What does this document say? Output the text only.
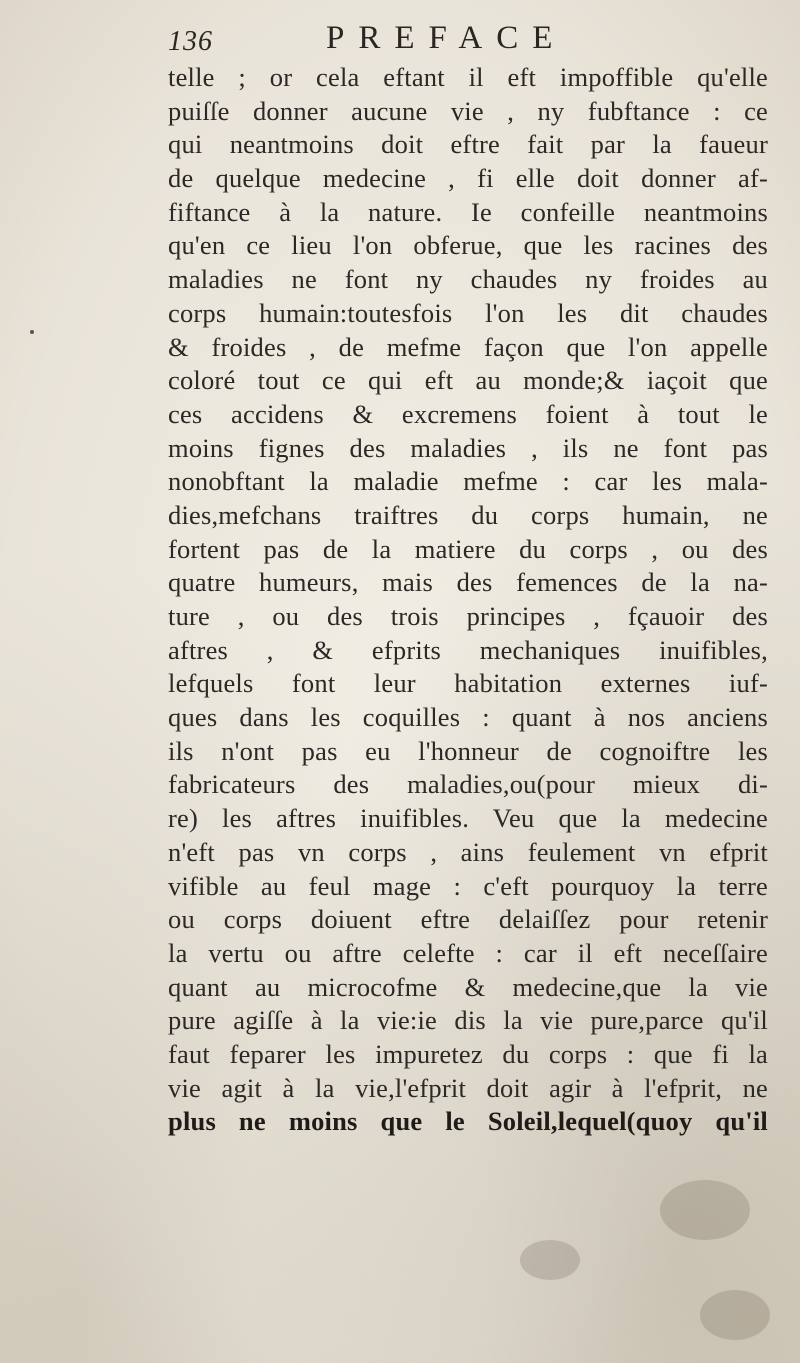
136	PREFACE
telle ; or cela eftant il eft impoffible qu'elle
puiſſe donner aucune vie , ny fubftance : ce
qui neantmoins doit eftre fait par la faueur
de quelque medecine , fi elle doit donner af-
fiftance à la nature. Ie confeille neantmoins
qu'en ce lieu l'on obferue, que les racines des
maladies ne font ny chaudes ny froides au
corps humain:toutesfois l'on les dit chaudes
& froides , de mefme façon que l'on appelle
coloré tout ce qui eft au monde;& iaçoit que
ces accidens & excremens foient à tout le
moins fignes des maladies , ils ne font pas
nonobftant la maladie mefme : car les mala-
dies,mefchans traiftres du corps humain, ne
fortent pas de la matiere du corps , ou des
quatre humeurs, mais des femences de la na-
ture , ou des trois principes , fçauoir des
aftres , & efprits mechaniques inuifibles,
lefquels font leur habitation externes iuf-
ques dans les coquilles : quant à nos anciens
ils n'ont pas eu l'honneur de cognoiftre les
fabricateurs des maladies,ou(pour mieux di-
re) les aftres inuifibles. Veu que la medecine
n'eft pas vn corps , ains feulement vn efprit
vifible au feul mage : c'eft pourquoy la terre
ou corps doiuent eftre delaiſſez pour retenir
la vertu ou aftre celefte : car il eft neceſſaire
quant au microcofme & medecine,que la vie
pure agiſſe à la vie:ie dis la vie pure,parce qu'il
faut feparer les impuretez du corps : que fi la
vie agit à la vie,l'efprit doit agir à l'efprit, ne
plus ne moins que le Soleil,lequel(quoy qu'il
